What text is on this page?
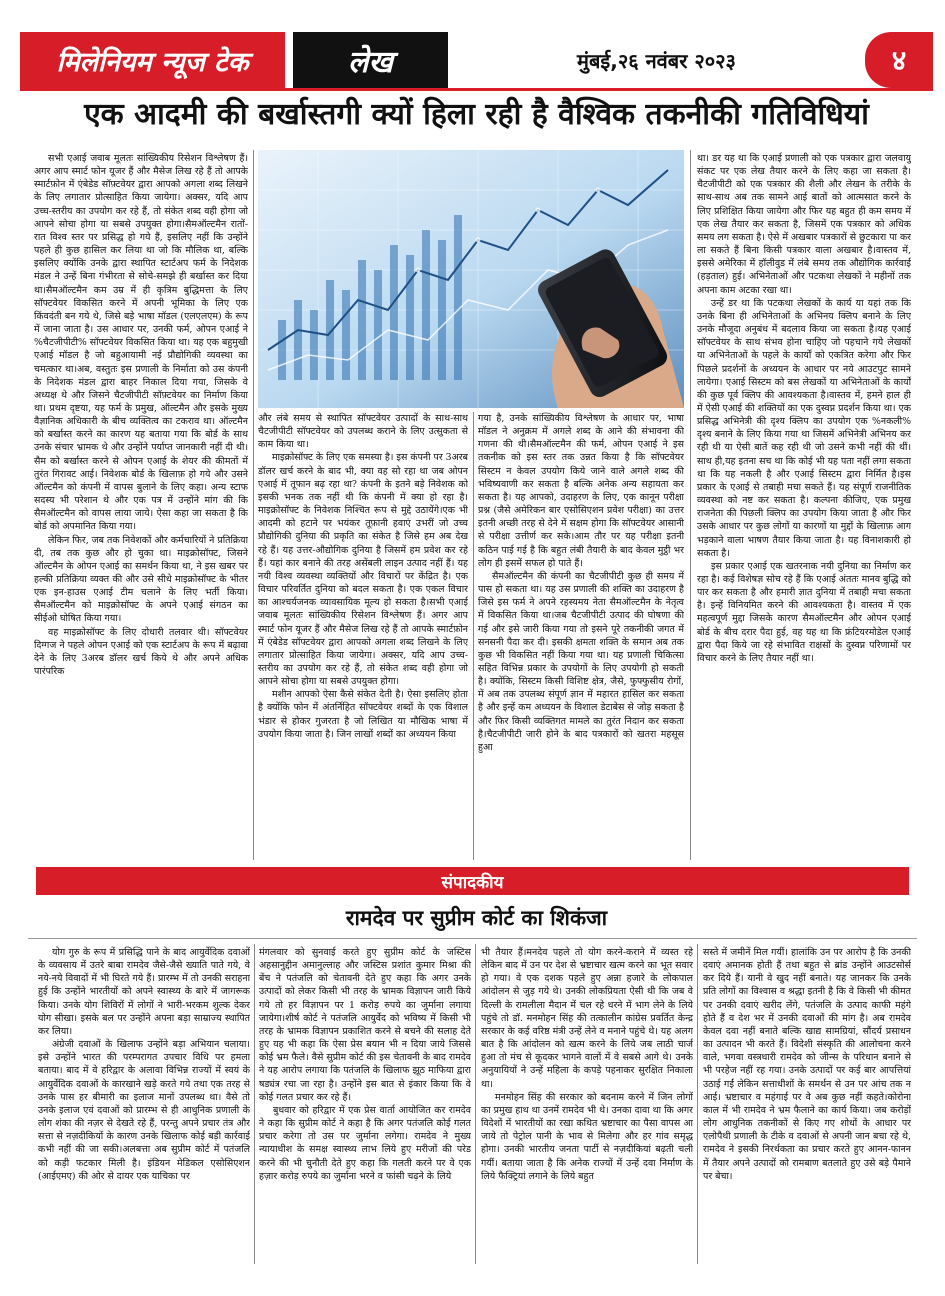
मिलेनियम न्यूज टेक	लेख	मुंबई,२६ नवंबर २०२३	४
एक आदमी की बर्खास्तगी क्यों हिला रही है वैश्विक तकनीकी गतिविधियां

सभी एआई जवाब मूलतः सांख्यिकीय रिसेशन विश्लेषण हैं। अगर आप स्मार्ट फोन यूजर हैं और मैसेज लिख रहे हैं तो आपके स्मार्टफ़ोन में एंबेडेड सॉफ़्टवेयर द्वारा आपको अगला शब्द लिखने के लिए लगातार प्रोत्साहित किया जायेगा। अक्सर, यदि आप उच्च-स्तरीय का उपयोग कर रहे हैं, तो संकेत शब्द वही होगा जो आपने सोचा होगा या सबसे उपयुक्त होगा।सैमऑल्टमैन रातों-रात विश्व स्तर पर प्रसिद्ध हो गये हैं, इसलिए नहीं कि उन्होंने पहले ही कुछ हासिल कर लिया था जो कि मौलिक था, बल्कि इसलिए क्योंकि उनके द्वारा स्थापित स्टार्टअप फर्म के निदेशक मंडल ने उन्हें बिना गंभीरता से सोचे-समझे ही बर्खास्त कर दिया था।सैमऑल्टमैन कम उम्र में ही कृत्रिम बुद्धिमत्ता के लिए सॉफ्टवेयर विकसित करने में अपनी भूमिका के लिए एक किंवदंती बन गये थे, जिसे बड़े भाषा मॉडल (एलएलएम) के रूप में जाना जाता है। उस आधार पर, उनकी फर्म, ओपन एआई ने %चैटजीपीटी% सॉफ्टवेयर विकसित किया था। यह एक बहुमुखी एआई मॉडल है जो बहुआयामी नई प्रौद्योगिकी व्यवस्था का चमत्कार था।अब, वस्तुतः इस प्रणाली के निर्माता को उस कंपनी के निदेशक मंडल द्वारा बाहर निकाल दिया गया, जिसके वे अध्यक्ष थे और जिसने चैटजीपीटी सॉफ़्टवेयर का निर्माण किया था। प्रथम दृष्टया, यह फर्म के प्रमुख, ऑल्टमैन और इसके मुख्य वैज्ञानिक अधिकारी के बीच व्यक्तित्व का टकराव था। ऑल्टमैन को बर्खास्त करने का कारण यह बताया गया कि बोर्ड के साथ उनके संचार भ्रामक थे और उन्होंने पर्याप्त जानकारी नहीं दी थी।सैम को बर्खास्त करने से ओपन एआई के शेयर की कीमतों में तुरंत गिरावट आई। निवेशक बोर्ड के खिलाफ़ हो गये और उसने ऑल्टमैन को कंपनी में वापस बुलाने के लिए कहा। अन्य स्टाफ सदस्य भी परेशान थे और एक पत्र में उन्होंने मांग की कि सैमऑल्टमैन को वापस लाया जाये। ऐसा कहा जा सकता है कि बोर्ड को अपमानित किया गया।

लेकिन फिर, जब तक निवेशकों और कर्मचारियों ने प्रतिक्रिया दी, तब तक कुछ और हो चुका था। माइक्रोसॉफ्ट, जिसने ऑल्टमैन के ओपन एआई का समर्थन किया था, ने इस खबर पर हल्की प्रतिक्रिया व्यक्त की और उसे सीधे माइक्रोसॉफ्ट के भीतर एक इन-हाउस एआई टीम चलाने के लिए भर्ती किया। सैमऑल्टमैन को माइक्रोसॉफ्ट के अपने एआई संगठन का सीईओ घोषित किया गया।

वह माइक्रोसॉफ्ट के लिए दोधारी तलवार थी। सॉफ्टवेयर दिग्गज ने पहले ओपन एआई को एक स्टार्टअप के रूप में बढ़ावा देने के लिए 3अरब डॉलर खर्च किये थे और अपने अधिक पारंपरिक

और लंबे समय से स्थापित सॉफ्टवेयर उत्पादों के साथ-साथ चैटजीपीटी सॉफ्टवेयर को उपलब्ध कराने के लिए उत्सुकता से काम किया था।

माइक्रोसॉफ्ट के लिए एक समस्या है। इस कंपनी पर 3अरब डॉलर खर्च करने के बाद भी, क्या वह सो रहा था जब ओपन एआई में तूफान बढ़ रहा था? कंपनी के इतने बड़े निवेशक को इसकी भनक तक नहीं थी कि कंपनी में क्या हो रहा है। माइक्रोसॉफ्ट के निवेशक निश्चित रूप से मुद्दे उठायेंगे।एक भी आदमी को हटाने पर भयंकर तूफ़ानी हवाएं उभरीं जो उच्च प्रौद्योगिकी दुनिया की प्रकृति का संकेत है जिसे हम अब देख रहे हैं। यह उत्तर-औद्योगिक दुनिया है जिसमें हम प्रवेश कर रहे हैं। यहां कार बनाने की तरह असेंबली लाइन उत्पाद नहीं हैं। यह नयी विश्व व्यवस्था व्यक्तियों और विचारों पर केंद्रित है। एक विचार परिवर्तित दुनिया को बदल सकता है। एक एकल विचार का आश्चर्यजनक व्यावसायिक मूल्य हो सकता है।सभी एआई जवाब मूलतः सांख्यिकीय रिसेशन विश्लेषण हैं। अगर आप स्मार्ट फोन यूजर हैं और मैसेज लिख रहे हैं तो आपके स्मार्टफ़ोन में एंबेडेड सॉफ्टवेयर द्वारा आपको अगला शब्द लिखने के लिए लगातार प्रोत्साहित किया जायेगा। अक्सर, यदि आप उच्च-स्तरीय का उपयोग कर रहे हैं, तो संकेत शब्द वही होगा जो आपने सोचा होगा या सबसे उपयुक्त होगा।

मशीन आपको ऐसा कैसे संकेत देती है। ऐसा इसलिए होता है क्योंकि फोन में अंतर्निहित सॉफ्टवेयर शब्दों के एक विशाल भंडार से होकर गुजरता है जो लिखित या मौखिक भाषा में उपयोग किया जाता है। जिन लाखों शब्दों का अध्ययन किया

गया है, उनके सांख्यिकीय विश्लेषण के आधार पर, भाषा मॉडल ने अनुक्रम में अगले शब्द के आने की संभावना की गणना की थी।सैमऑल्टमैन की फर्म, ओपन एआई ने इस तकनीक को इस स्तर तक उन्नत किया है कि सॉफ्टवेयर सिस्टम न केवल उपयोग किये जाने वाले अगले शब्द की भविष्यवाणी कर सकता है बल्कि अनेक अन्य सहायता कर सकता है। यह आपको, उदाहरण के लिए, एक कानून परीक्षा प्रश्न (जैसे अमेरिकन बार एसोसिएशन प्रवेश परीक्षा) का उत्तर इतनी अच्छी तरह से देने में सक्षम होगा कि सॉफ्टवेयर आसानी से परीक्षा उत्तीर्ण कर सके।आम तौर पर यह परीक्षा इतनी कठिन पाई गई है कि बहुत लंबी तैयारी के बाद केवल मुट्ठी भर लोग ही इसमें सफल हो पाते हैं।

सैमऑल्टमैन की कंपनी का चैटजीपीटी कुछ ही समय में पास हो सकता था। यह उस प्रणाली की शक्ति का उदाहरण है जिसे इस फर्म ने अपने रहस्यमय नेता सैमऑल्टमैन के नेतृत्व में विकसित किया था।जब चैटजीपीटी उत्पाद की घोषणा की गई और इसे जारी किया गया तो इसने पूरे तकनीकी जगत में सनसनी पैदा कर दी। इसकी क्षमता शक्ति के समान अब तक कुछ भी विकसित नहीं किया गया था। यह प्रणाली चिकित्सा सहित विभिन्न प्रकार के उपयोगों के लिए उपयोगी हो सकती है। क्योंकि, सिस्टम किसी विशिष्ट क्षेत्र, जैसे, फुफ्फुसीय रोगों, में अब तक उपलब्ध संपूर्ण ज्ञान में महारत हासिल कर सकता है और इन्हें कम अध्ययन के विशाल डेटाबेस से जोड़ सकता है और फिर किसी व्यक्तिगत मामले का तुरंत निदान कर सकता है।चैटजीपीटी जारी होने के बाद पत्रकारों को खतरा महसूस हुआ

था। डर यह था कि एआई प्रणाली को एक पत्रकार द्वारा जलवायु संकट पर एक लेख तैयार करने के लिए कहा जा सकता है। चैटजीपीटी को एक पत्रकार की शैली और लेखन के तरीके के साथ-साथ अब तक सामने आई बातों को आत्मसात करने के लिए प्रशिक्षित किया जायेगा और फिर यह बहुत ही कम समय में एक लेख तैयार कर सकता है, जिसमें एक पत्रकार को अधिक समय लग सकता है। ऐसे में अखबार पत्रकारों से छुटकारा पा कर ला सकते हैं बिना किसी पत्रकार वाला अखबार है।वास्तव में, इससे अमेरिका में हॉलीवुड में लंबे समय तक औद्योगिक कार्रवाई (हड़ताल) हुई। अभिनेताओं और पटकथा लेखकों ने महीनों तक अपना काम अटका रखा था।

उन्हें डर था कि पटकथा लेखकों के कार्य या यहां तक कि उनके बिना ही अभिनेताओं के अभिनय क्लिप बनाने के लिए उनके मौजूदा अनुबंध में बदलाव किया जा सकता है।यह एआई सॉफ्टवेयर के साथ संभव होना चाहिए जो पहचाने गये लेखकों या अभिनेताओं के पहले के कार्यों को एकत्रित करेगा और फिर पिछले प्रदर्शनों के अध्ययन के आधार पर नये आउटपुट सामने लायेगा। एआई सिस्टम को बस लेखकों या अभिनेताओं के कार्यों की कुछ पूर्व क्लिप की आवश्यकता है।वास्तव में, हमने हाल ही में ऐसी एआई की शक्तियों का एक दुस्वप्न प्रदर्शन किया था। एक प्रसिद्ध अभिनेत्री की दृश्य क्लिप का उपयोग एक %नकली% दृश्य बनाने के लिए किया गया था जिसमें अभिनेत्री अभिनय कर रही थी या ऐसी बातें कह रही थी जो उसने कभी नहीं की थीं। साथ ही,यह इतना सच था कि कोई भी यह पता नहीं लगा सकता था कि यह नकली है और एआई सिस्टम द्वारा निर्मित है।इस प्रकार के एआई से तबाही मचा सकते हैं। यह संपूर्ण राजनीतिक व्यवस्था को नष्ट कर सकता है। कल्पना कीजिए, एक प्रमुख राजनेता की पिछली क्लिप का उपयोग किया जाता है और फिर उसके आधार पर कुछ लोगों या कारणों या मुद्दों के खिलाफ़ आग भड़काने वाला भाषण तैयार किया जाता है। यह विनाशकारी हो सकता है।

इस प्रकार एआई एक खतरनाक नयी दुनिया का निर्माण कर रहा है। कई विशेषज्ञ सोच रहे हैं कि एआई अंततः मानव बुद्धि को पार कर सकता है और हमारी ज्ञात दुनिया में तबाही मचा सकता है। इन्हें विनियमित करने की आवश्यकता है। वास्तव में एक महत्वपूर्ण मुद्दा जिसके कारण सैमऑल्टमैन और ओपन एआई बोर्ड के बीच दरार पैदा हुई, वह यह था कि फ्रंटियरमोडेल एआई द्वारा पैदा किये जा रहे संभावित राक्षसों के दुस्वप्न परिणामों पर विचार करने के लिए तैयार नहीं था।

संपादकीय
रामदेव पर सुप्रीम कोर्ट का शिकंजा

योग गुरु के रूप में प्रसिद्धि पाने के बाद आयुर्वेदिक दवाओं के व्यवसाय में उतरे बाबा रामदेव जैसे-जैसे ख्याति पाते गये, वे नये-नये विवादों में भी घिरते गये हैं। प्रारम्भ में तो उनकी सराहना हुई कि उन्होंने भारतीयों को अपने स्वास्थ्य के बारे में जागरूक किया। उनके योग शिविरों में लोगों ने भारी-भरकम शुल्क देकर योग सीखा। इसके बल पर उन्होंने अपना बड़ा साम्राज्य स्थापित कर लिया।

अंग्रेजी दवाओं के खिलाफ उन्होंने बड़ा अभियान चलाया। इसे उन्होंने भारत की परम्परागत उपचार विधि पर हमला बताया। बाद में वे हरिद्वार के अलावा विभिन्न राज्यों में स्वयं के आयुर्वेदिक दवाओं के कारखाने खड़े करते गये तथा एक तरह से उनके पास हर बीमारी का इलाज मानों उपलब्ध था। वैसे तो उनके इलाज एवं दवाओं को प्रारम्भ से ही आधुनिक प्रणाली के लोग शंका की नज़र से देखते रहे हैं, परन्तु अपने प्रचार तंत्र और सत्ता से नज़दीकियों के कारण उनके खिलाफ कोई बड़ी कार्रवाई कभी नहीं की जा सकी।अलबत्ता अब सुप्रीम कोर्ट में पतंजलि को कड़ी फटकार मिली है। इंडियन मेडिकल एसोसिएशन (आईएमए) की ओर से दायर एक याचिका पर

मंगलवार को सुनवाई करते हुए सुप्रीम कोर्ट के जस्टिस अहसानुद्दीन अमानुल्लाह और जस्टिस प्रशांत कुमार मिश्रा की बेंच ने पतंजलि को चेतावनी देते हुए कहा कि अगर उनके उत्पादों को लेकर किसी भी तरह के भ्रामक विज्ञापन जारी किये गये तो हर विज्ञापन पर 1 करोड़ रुपये का जुर्माना लगाया जायेगा।शीर्ष कोर्ट ने पतंजलि आयुर्वेद को भविष्य में किसी भी तरह के भ्रामक विज्ञापन प्रकाशित करने से बचने की सलाह देते हुए यह भी कहा कि ऐसा प्रेस बयान भी न दिया जाये जिससे कोई भ्रम फैले। वैसे सुप्रीम कोर्ट की इस चेतावनी के बाद रामदेव ने यह आरोप लगाया कि पतंजलि के खिलाफ झूठ माफिया द्वारा षड्यंत्र रचा जा रहा है। उन्होंने इस बात से इंकार किया कि वे कोई गलत प्रचार कर रहे हैं।

बुधवार को हरिद्वार में एक प्रेस वार्ता आयोजित कर रामदेव ने कहा कि सुप्रीम कोर्ट ने कहा है कि अगर पतंजलि कोई गलत प्रचार करेगा तो उस पर जुर्माना लगेगा। रामदेव ने मुख्य न्यायाधीश के समक्ष स्वास्थ्य लाभ लिये हुए मरीजों की परेड करने की भी चुनौती देते हुए कहा कि गलती करने पर वे एक हज़ार करोड़ रुपये का जुर्माना भरने व फांसी चढ़ने के लिये

भी तैयार हैं।मनदेव पहले तो योग करने-कराने में व्यस्त रहे लेकिन बाद में उन पर देश से भ्रष्टाचार खत्म करने का भूत सवार हो गया। वे एक दशक पहले हुए अन्ना हजारे के लोकपाल आंदोलन से जुड़ गये थे। उनकी लोकप्रियता ऐसी थी कि जब वे दिल्ली के रामलीला मैदान में चल रहे धरने में भाग लेने के लिये पहुंचे तो डॉ. मनमोहन सिंह की तत्कालीन कांग्रेस प्रवर्तित केन्द्र सरकार के कई वरिष्ठ मंत्री उन्हें लेने व मनाने पहुंचे थे। यह अलग बात है कि आंदोलन को खत्म करने के लिये जब लाठी चार्ज हुआ तो मंच से कूदकर भागने वालों में वे सबसे आगे थे। उनके अनुयायियों ने उन्हें महिला के कपड़े पहनाकर सुरक्षित निकाला था।

मनमोहन सिंह की सरकार को बदनाम करने में जिन लोगों का प्रमुख हाथ था उनमें रामदेव भी थे। उनका दावा था कि अगर विदेशों में भारतीयों का रखा कथित भ्रष्टाचार का पैसा वापस आ जाये तो पेट्रोल पानी के भाव से मिलेगा और हर गांव समृद्ध होगा। उनकी भारतीय जनता पार्टी से नज़दीकियां बढ़ती चली गयीं। बताया जाता है कि अनेक राज्यों में उन्हें दवा निर्माण के लिये फैक्ट्रियां लगाने के लिये बहुत

सस्ते में जमीनें मिल गयीं। हालांकि उन पर आरोप है कि उनकी दवाएं अमानक होती हैं तथा बहुत से ब्रांड उन्होंने आउटसोर्स कर दिये हैं। यानी वे खुद नहीं बनाते। यह जानकर कि उनके प्रति लोगों का विश्वास व श्रद्धा इतनी है कि वे किसी भी कीमत पर उनकी दवाएं खरीद लेंगे, पतंजलि के उत्पाद काफी महंगे होते हैं व देश भर में उनकी दवाओं की मांग है। अब रामदेव केवल दवा नहीं बनाते बल्कि खाद्य सामग्रियां, सौंदर्य प्रसाधन का उत्पादन भी करते हैं। विदेशी संस्कृति की आलोचना करने वाले, भगवा वस्त्रधारी रामदेव को जीन्स के परिधान बनाने से भी परहेज नहीं रह गया। उनके उत्पादों पर कई बार आपत्तियां उठाई गईं लेकिन सत्ताधीशों के समर्थन से उन पर आंच तक न आई। भ्रष्टाचार व महंगाई पर वे अब कुछ नहीं कहते।कोरोना काल में भी रामदेव ने भ्रम फैलाने का कार्य किया। जब करोड़ों लोग आधुनिक तकनीकों से किए गए शोधों के आधार पर एलोपैथी प्रणाली के टीके व दवाओं से अपनी जान बचा रहे थे, रामदेव ने इसकी निरर्थकता का प्रचार करते हुए आनन-फानन में तैयार अपने उत्पादों को रामबाण बतलाते हुए उसे बड़े पैमाने पर बेचा।
